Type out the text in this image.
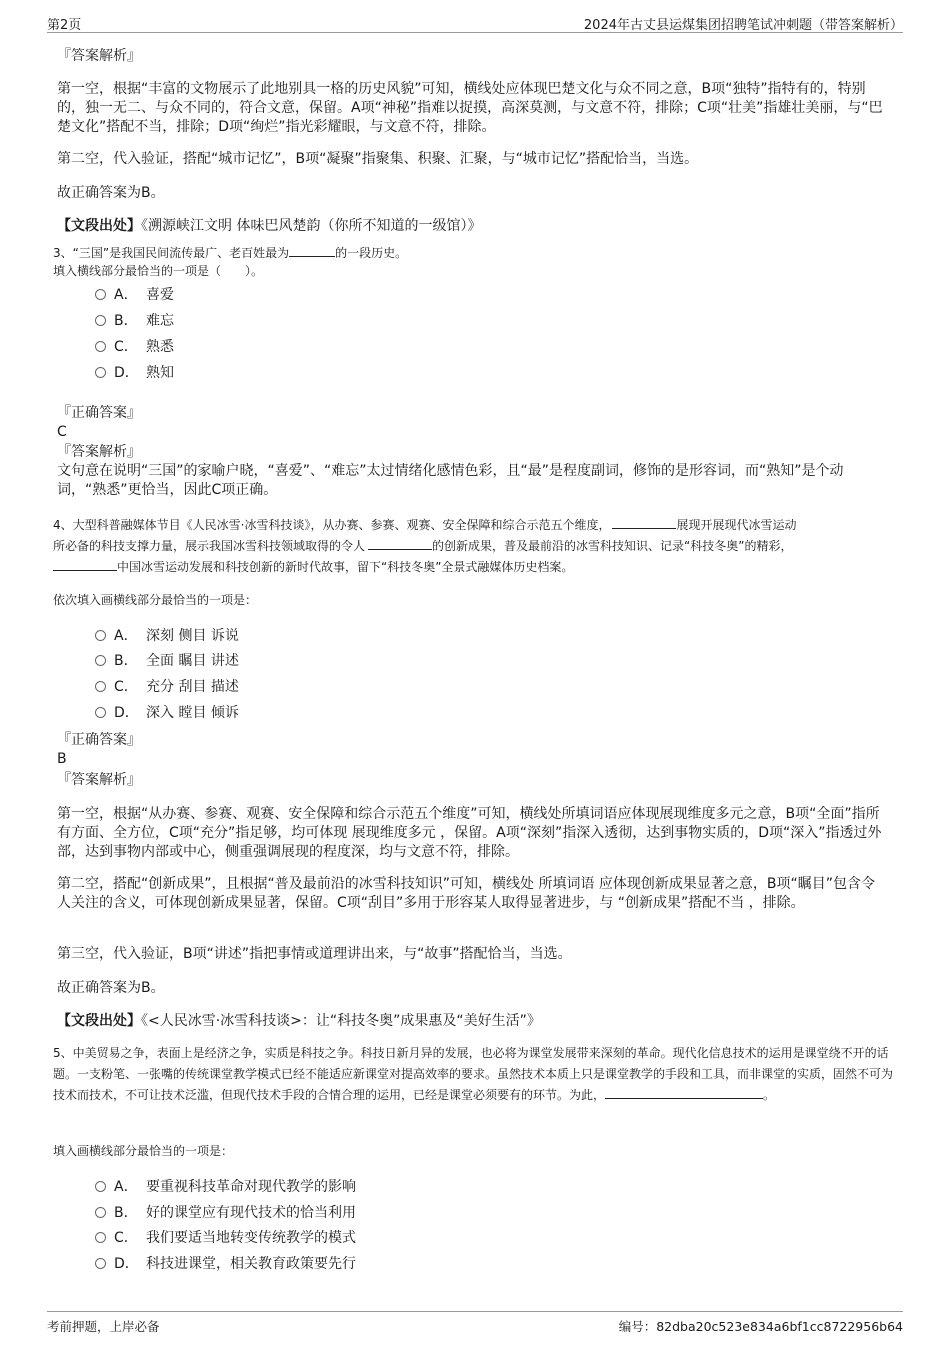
第2页	2024年古丈县运煤集团招聘笔试冲刺题（带答案解析）
『答案解析』

第一空，根据“丰富的文物展示了此地别具一格的历史风貌”可知，横线处应体现巴楚文化与众不同之意，B项“独特”指特有的，特别的，独一无二、与众不同的，符合文意，保留。A项“神秘”指难以捉摸，高深莫测，与文意不符，排除；C项“壮美”指雄壮美丽，与“巴楚文化”搭配不当，排除；D项“绚烂”指光彩耀眼，与文意不符，排除。

第二空，代入验证，搭配“城市记忆”，B项“凝聚”指聚集、积聚、汇聚，与“城市记忆”搭配恰当，当选。

故正确答案为B。

【文段出处】《溯源峡江文明 体味巴风楚韵（你所不知道的一级馆）》
3、“三国”是我国民间流传最广、老百姓最为	的一段历史。
填入横线部分最恰当的一项是（　　）。
A． 喜爱
B． 难忘
C． 熟悉
D． 熟知
『正确答案』
C
『答案解析』

文句意在说明“三国”的家喻户晓，“喜爱”、“难忘”太过情绪化感情色彩，且“最”是程度副词，修饰的是形容词，而“熟知”是个动词，“熟悉”更恰当，因此C项正确。

4、大型科普融媒体节目《人民冰雪·冰雪科技谈》，从办赛、参赛、观赛、安全保障和综合示范五个维度，	展现开展现代冰雪运动
所必备的科技支撑力量，展示我国冰雪科技领域取得的令人	的创新成果，普及最前沿的冰雪科技知识、记录“科技冬奥”的精彩，
中国冰雪运动发展和科技创新的新时代故事，留下“科技冬奥”全景式融媒体历史档案。
依次填入画横线部分最恰当的一项是：
A． 深刻 侧目 诉说
B． 全面 瞩目 讲述
C． 充分 刮目 描述
D． 深入 瞠目 倾诉
『正确答案』
B
『答案解析』

第一空，根据“从办赛、参赛、观赛、安全保障和综合示范五个维度”可知，横线处所填词语应体现展现维度多元之意，B项“全面”指所有方面、全方位，C项“充分”指足够，均可体现 展现维度多元 ，保留。A项“深刻”指深入透彻，达到事物实质的，D项“深入”指透过外部，达到事物内部或中心，侧重强调展现的程度深，均与文意不符，排除。

第二空，搭配“创新成果”，且根据“普及最前沿的冰雪科技知识”可知，横线处 所填词语 应体现创新成果显著之意，B项“瞩目”包含令人关注的含义，可体现创新成果显著，保留。C项“刮目”多用于形容某人取得显著进步，与 “创新成果”搭配不当 ，排除。

第三空，代入验证，B项“讲述”指把事情或道理讲出来，与“故事”搭配恰当，当选。

故正确答案为B。

【文段出处】《<人民冰雪·冰雪科技谈>：让“科技冬奥”成果惠及“美好生活”》

5、中美贸易之争，表面上是经济之争，实质是科技之争。科技日新月异的发展，也必将为课堂发展带来深刻的革命。现代化信息技术的运用是课堂绕不开的话题。一支粉笔、一张嘴的传统课堂教学模式已经不能适应新课堂对提高效率的要求。虽然技术本质上只是课堂教学的手段和工具，而非课堂的实质，固然不可为技术而技术，不可让技术泛滥，但现代技术手段的合情合理的运用，已经是课堂必须要有的环节。为此，	。

填入画横线部分最恰当的一项是：
A． 要重视科技革命对现代教学的影响
B． 好的课堂应有现代技术的恰当利用
C． 我们要适当地转变传统教学的模式
D． 科技进课堂，相关教育政策要先行
考前押题，上岸必备	编号：82dba20c523e834a6bf1cc8722956b64
